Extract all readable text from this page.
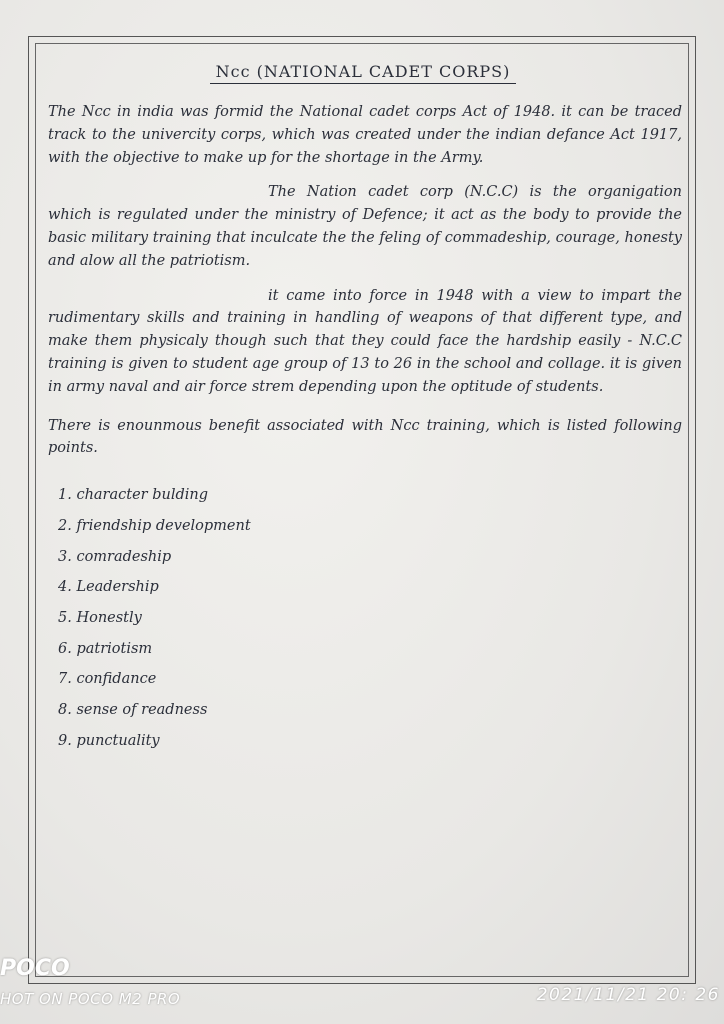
Ncc (NATIONAL CADET CORPS)

The Ncc in india was formid the National cadet corps Act of 1948. it can be traced track to the univercity corps, which was created under the indian defance Act 1917, with the objective to make up for the shortage in the Army.

The Nation cadet corp (N.C.C) is the organigation which is regulated under the ministry of Defence; it act as the body to provide the basic military training that inculcate the the feling of commadeship, courage, honesty and alow all the patriotism.

it came into force in 1948 with a view to impart the rudimentary skills and training in handling of weapons of that different type, and make them physicaly though such that they could face the hardship easily - N.C.C training is given to student age group of 13 to 26 in the school and collage. it is given in army naval and air force strem depending upon the optitude of students.

There is enounmous benefit associated with Ncc training, which is listed following points.

1. character bulding
2. friendship development
3. comradeship
4. Leadership
5. Honestly
6. patriotism
7. confidance
8. sense of readness
9. punctuality
POCO
HOT ON POCO M2 PRO	2021/11/21 20: 26
